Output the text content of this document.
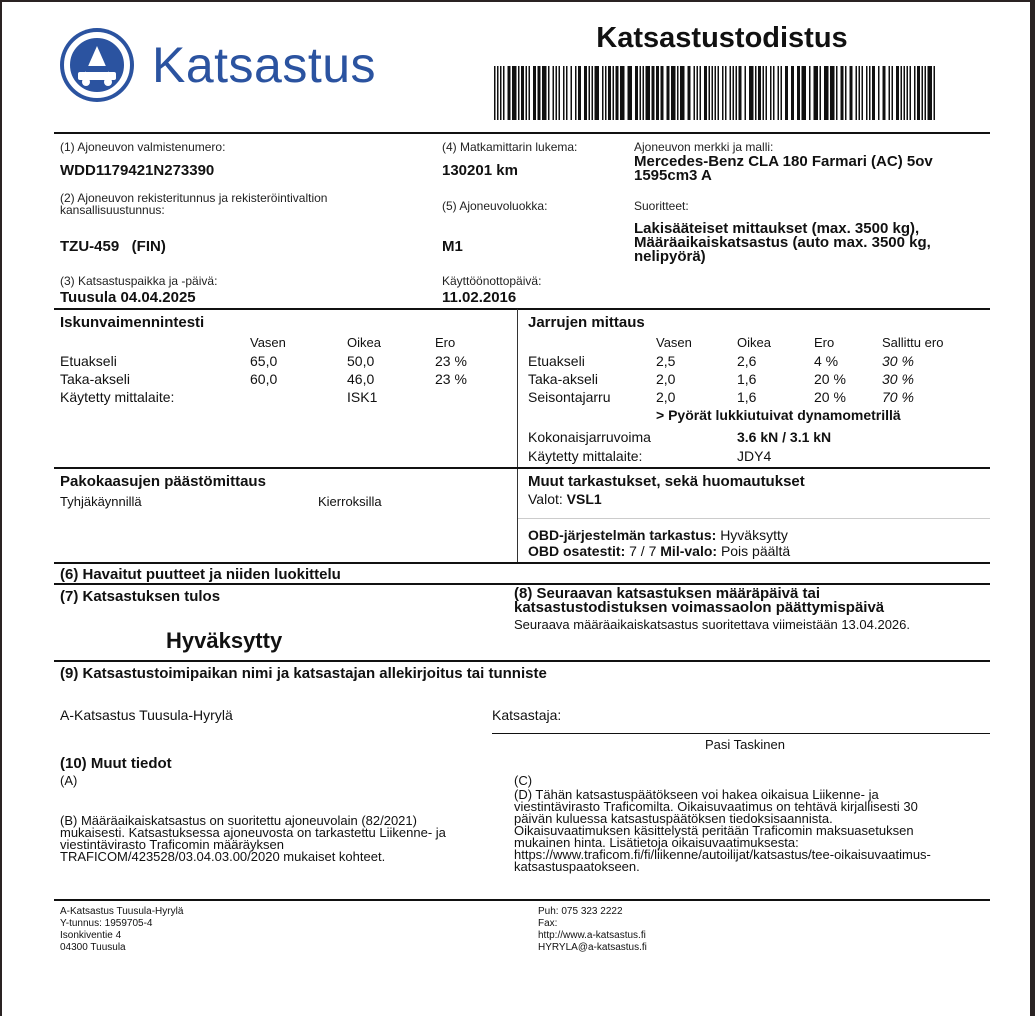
Katsastus	Katsastustodistus
(1) Ajoneuvon valmistenumero:
WDD1179421N273390
(2) Ajoneuvon rekisteritunnus ja rekisteröintivaltion kansallisuustunnus:
TZU-459   (FIN)
(3) Katsastuspaikka ja -päivä:
Tuusula 04.04.2025
(4) Matkamittarin lukema:
130201 km
(5) Ajoneuvoluokka:
M1
Käyttöönottopäivä:
11.02.2016
Ajoneuvon merkki ja malli:
Mercedes-Benz CLA 180 Farmari (AC) 5ov 1595cm3 A
Suoritteet:
Lakisääteiset mittaukset (max. 3500 kg), Määräaikaiskatsastus (auto max. 3500 kg, nelipyörä)
Iskunvaimennintesti
Vasen	Oikea	Ero
Etuakseli	65,0	50,0	23 %
Taka-akseli	60,0	46,0	23 %
Käytetty mittalaite:	ISK1
Jarrujen mittaus
Vasen	Oikea	Ero	Sallittu ero
Etuakseli	2,5	2,6	4 %	30 %
Taka-akseli	2,0	1,6	20 %	30 %
Seisontajarru	2,0	1,6	20 %	70 %
> Pyörät lukkiutuivat dynamometrillä
Kokonaisjarruvoima	3.6 kN / 3.1 kN
Käytetty mittalaite:	JDY4
Pakokaasujen päästömittaus
Tyhjäkäynnillä	Kierroksilla
Muut tarkastukset, sekä huomautukset
Valot: VSL1
OBD-järjestelmän tarkastus: Hyväksytty
OBD osatestit: 7 / 7 Mil-valo: Pois päältä
(6) Havaitut puutteet ja niiden luokittelu
(7) Katsastuksen tulos
Hyväksytty
(8) Seuraavan katsastuksen määräpäivä tai
katsastustodistuksen voimassaolon päättymispäivä
Seuraava määräaikaiskatsastus suoritettava viimeistään 13.04.2026.
(9) Katsastustoimipaikan nimi ja katsastajan allekirjoitus tai tunniste
A-Katsastus Tuusula-Hyrylä	Katsastaja:
Pasi Taskinen
(10) Muut tiedot
(A)
(B) Määräaikaiskatsastus on suoritettu ajoneuvolain (82/2021)
mukaisesti. Katsastuksessa ajoneuvosta on tarkastettu Liikenne- ja
viestintävirasto Traficomin määräyksen
TRAFICOM/423528/03.04.03.00/2020 mukaiset kohteet.
(C)
(D) Tähän katsastuspäätökseen voi hakea oikaisua Liikenne- ja
viestintävirasto Traficomilta. Oikaisuvaatimus on tehtävä kirjallisesti 30
päivän kuluessa katsastuspäätöksen tiedoksisaannista.
Oikaisuvaatimuksen käsittelystä peritään Traficomin maksuasetuksen
mukainen hinta. Lisätietoja oikaisuvaatimuksesta:
https://www.traficom.fi/fi/liikenne/autoilijat/katsastus/tee-oikaisuvaatimus-
katsastuspaatokseen.
A-Katsastus Tuusula-Hyrylä
Y-tunnus: 1959705-4
Isonkiventie 4
04300 Tuusula
Puh: 075 323 2222
Fax:
http://www.a-katsastus.fi
HYRYLA@a-katsastus.fi
